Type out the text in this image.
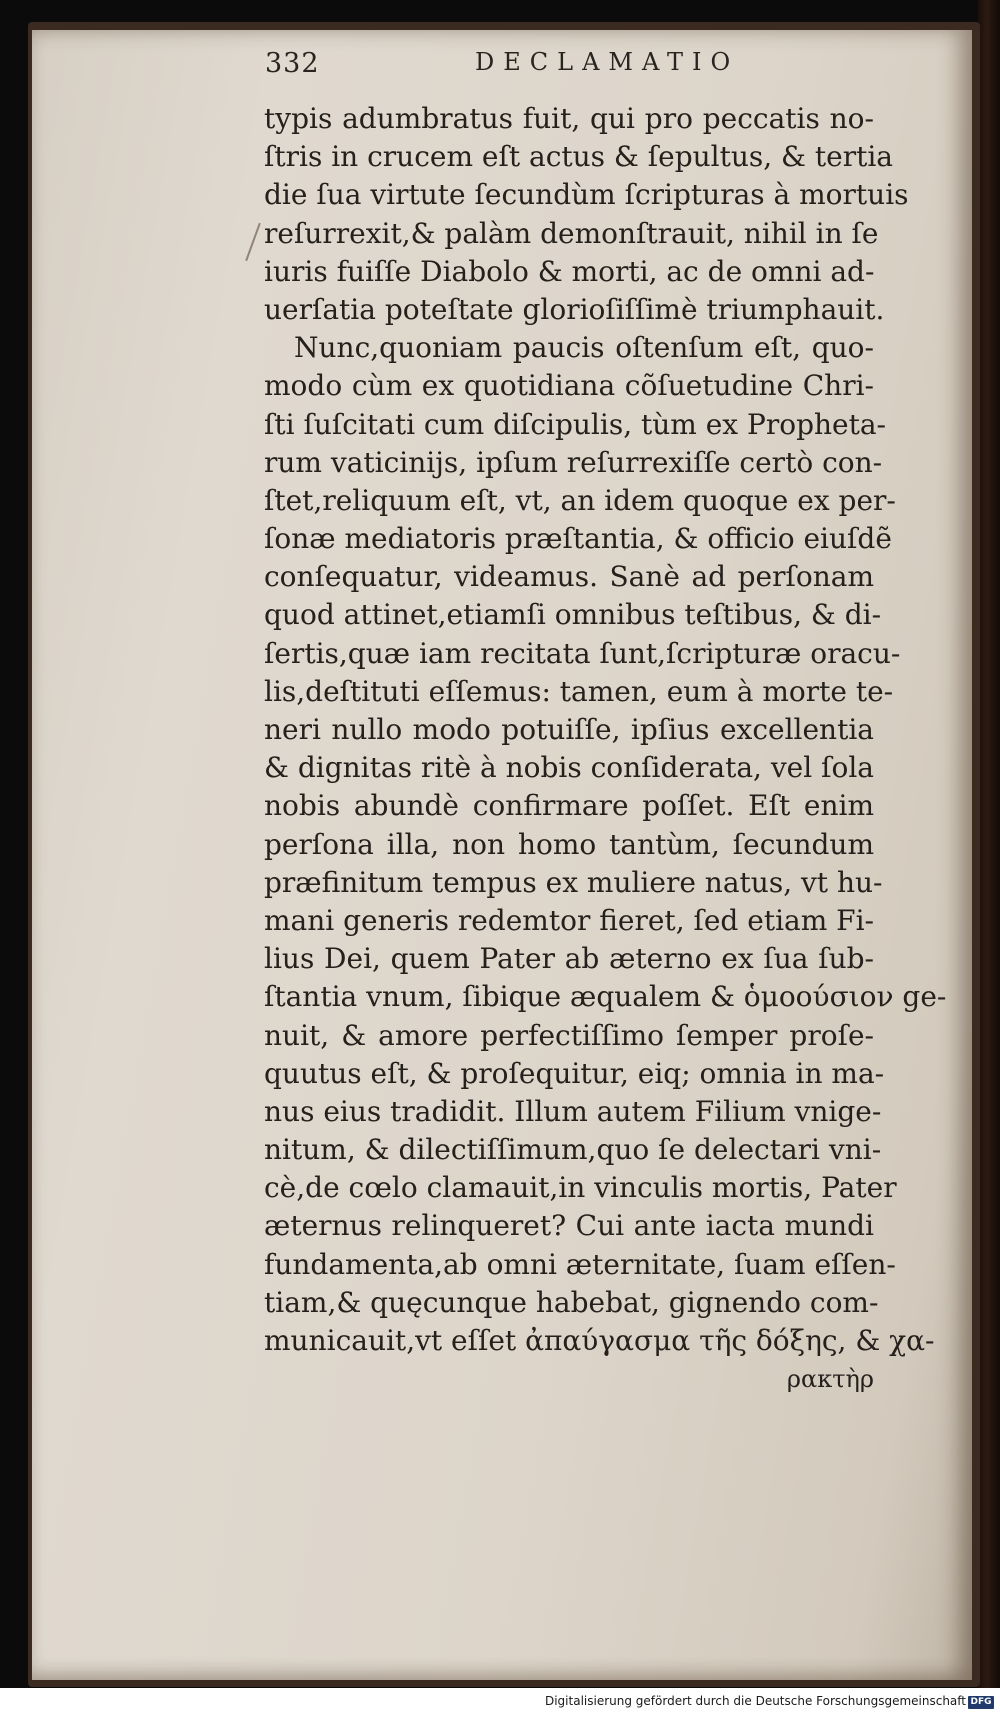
332	DECLAMATIO
typis adumbratus fuit, qui pro peccatis no-
ſtris in crucem eſt actus & ſepultus, & tertia
die ſua virtute ſecundùm ſcripturas à mortuis
reſurrexit,& palàm demonſtrauit, nihil in ſe
iuris fuiſſe Diabolo & morti, ac de omni ad-
uerſatia poteſtate glorioſiſſimè triumphauit.
Nunc,quoniam paucis oſtenſum eſt, quo-
modo cùm ex quotidiana cõſuetudine Chri-
ſti ſuſcitati cum diſcipulis, tùm ex Propheta-
rum vaticinijs, ipſum reſurrexiſſe certò con-
ſtet,reliquum eſt, vt, an idem quoque ex per-
ſonæ mediatoris præſtantia, & officio eiuſdẽ
conſequatur, videamus. Sanè ad perſonam
quod attinet,etiamſi omnibus teſtibus, & di-
ſertis,quæ iam recitata ſunt,ſcripturæ oracu-
lis,deſtituti eſſemus: tamen, eum à morte te-
neri nullo modo potuiſſe, ipſius excellentia
& dignitas ritè à nobis conſiderata, vel ſola
nobis abundè confirmare poſſet. Eſt enim
perſona illa, non homo tantùm, ſecundum
præfinitum tempus ex muliere natus, vt hu-
mani generis redemtor fieret, ſed etiam Fi-
lius Dei, quem Pater ab æterno ex ſua ſub-
ſtantia vnum, ſibique æqualem & ὁμοούσιον ge-
nuit, & amore perfectiſſimo ſemper proſe-
quutus eſt, & proſequitur, eiq; omnia in ma-
nus eius tradidit. Illum autem Filium vnige-
nitum, & dilectiſſimum,quo ſe delectari vni-
cè,de cœlo clamauit,in vinculis mortis, Pater
æternus relinqueret? Cui ante iacta mundi
fundamenta,ab omni æternitate, ſuam eſſen-
tiam,& quęcunque habebat, gignendo com-
municauit,vt eſſet ἀπαύγασμα τῆς δόξης, & χα-
ρακτὴρ
Digitalisierung gefördert durch die Deutsche Forschungsgemeinschaft DFG
